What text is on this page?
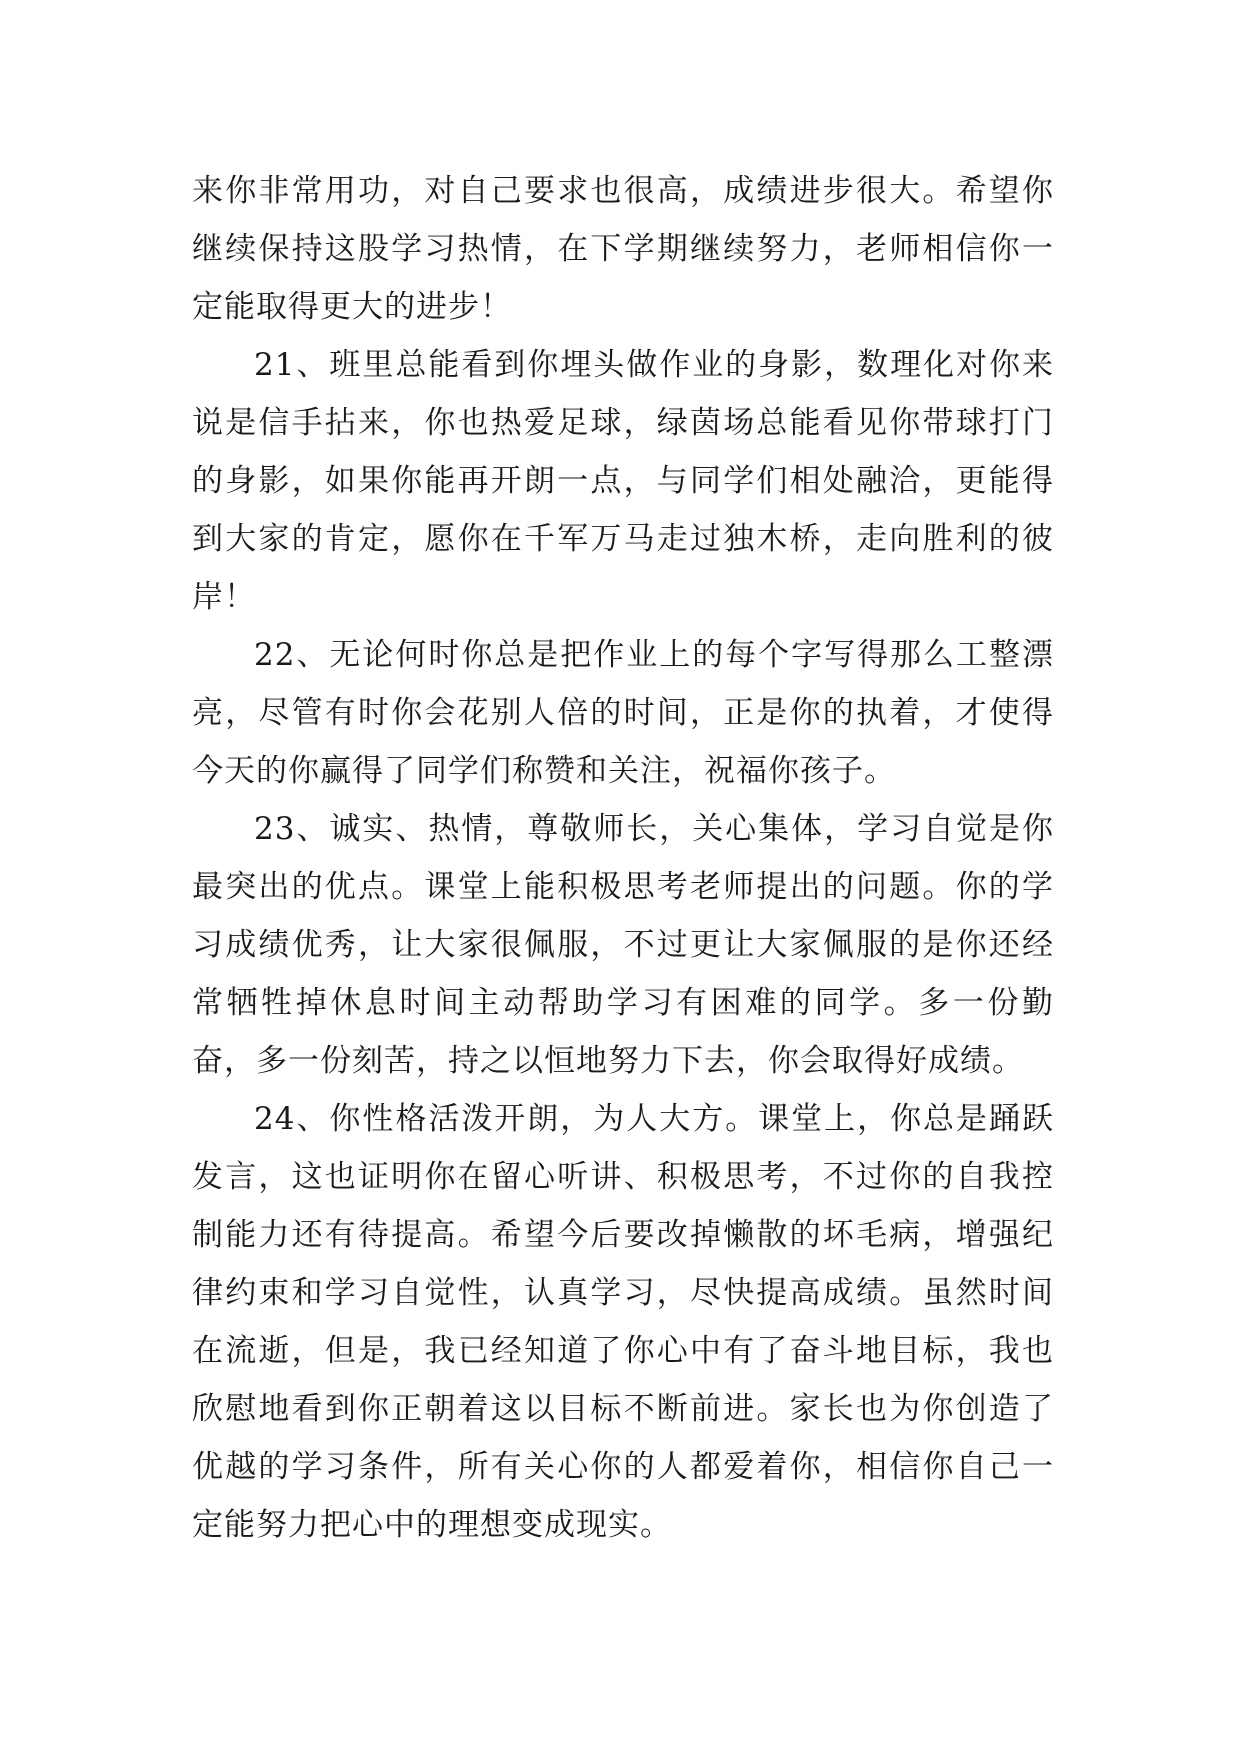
来你非常用功，对自己要求也很高，成绩进步很大。希望你继续保持这股学习热情，在下学期继续努力，老师相信你一定能取得更大的进步！

21、班里总能看到你埋头做作业的身影，数理化对你来说是信手拈来，你也热爱足球，绿茵场总能看见你带球打门的身影，如果你能再开朗一点，与同学们相处融洽，更能得到大家的肯定，愿你在千军万马走过独木桥，走向胜利的彼岸！

22、无论何时你总是把作业上的每个字写得那么工整漂亮，尽管有时你会花别人倍的时间，正是你的执着，才使得今天的你赢得了同学们称赞和关注，祝福你孩子。

23、诚实、热情，尊敬师长，关心集体，学习自觉是你最突出的优点。课堂上能积极思考老师提出的问题。你的学习成绩优秀，让大家很佩服，不过更让大家佩服的是你还经常牺牲掉休息时间主动帮助学习有困难的同学。多一份勤奋，多一份刻苦，持之以恒地努力下去，你会取得好成绩。

24、你性格活泼开朗，为人大方。课堂上，你总是踊跃发言，这也证明你在留心听讲、积极思考，不过你的自我控制能力还有待提高。希望今后要改掉懒散的坏毛病，增强纪律约束和学习自觉性，认真学习，尽快提高成绩。虽然时间在流逝，但是，我已经知道了你心中有了奋斗地目标，我也欣慰地看到你正朝着这以目标不断前进。家长也为你创造了优越的学习条件，所有关心你的人都爱着你，相信你自己一定能努力把心中的理想变成现实。
